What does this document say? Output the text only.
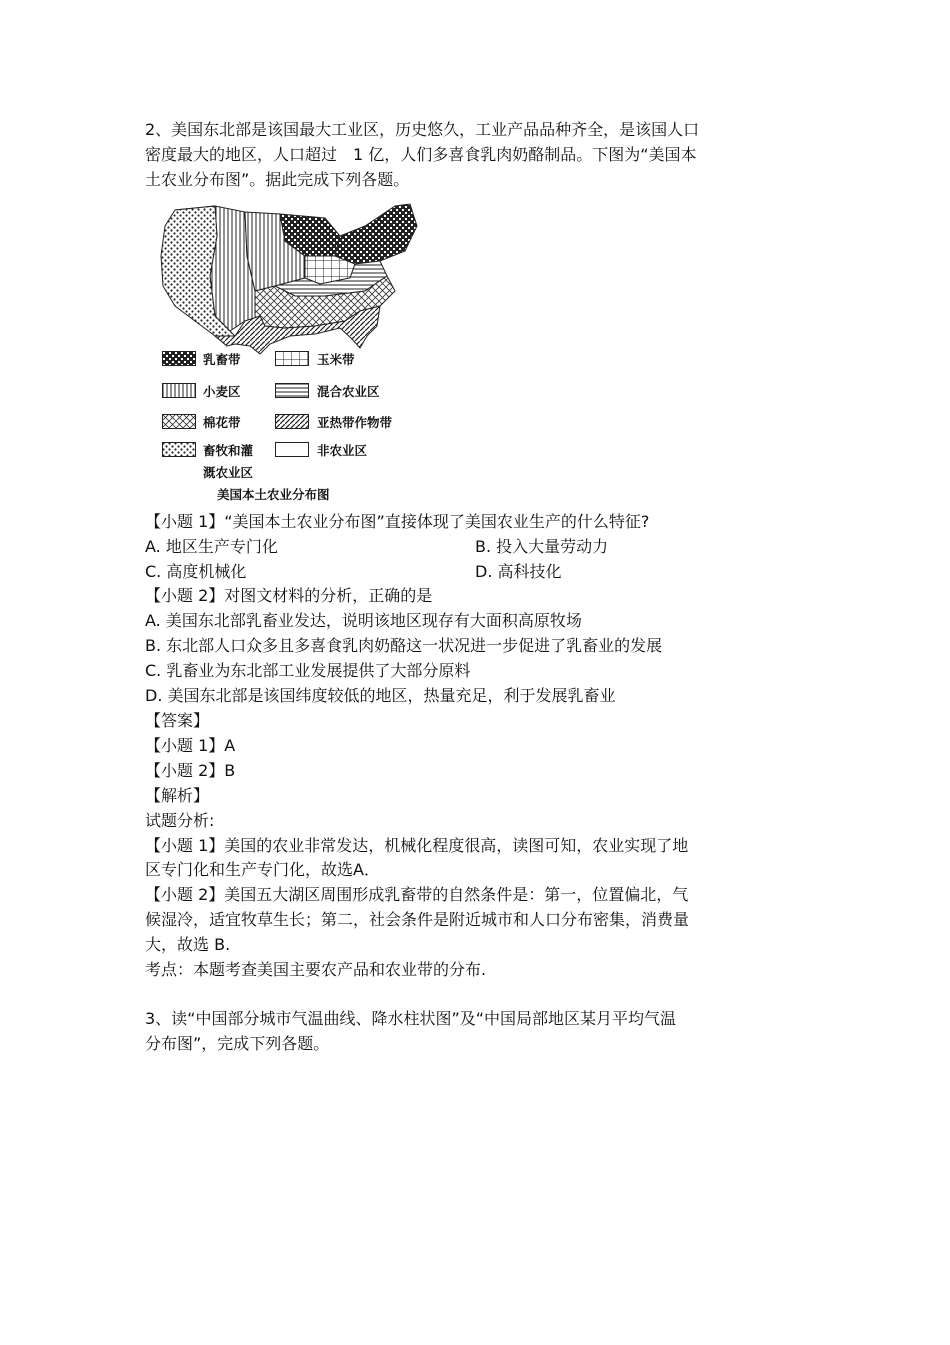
2、美国东北部是该国最大工业区，历史悠久，工业产品品种齐全，是该国人口
密度最大的地区，人口超过　1 亿，人们多喜食乳肉奶酪制品。下图为“美国本
土农业分布图”。据此完成下列各题。
乳畜带	玉米带
小麦区	混合农业区
棉花带	亚热带作物带
畜牧和灌
溉农业区
非农业区
美国本土农业分布图
【小题 1】“美国本土农业分布图”直接体现了美国农业生产的什么特征?
A. 地区生产专门化	B. 投入大量劳动力
C. 高度机械化	D. 高科技化
【小题 2】对图文材料的分析，正确的是
A. 美国东北部乳畜业发达，说明该地区现存有大面积高原牧场
B. 东北部人口众多且多喜食乳肉奶酪这一状况进一步促进了乳畜业的发展
C. 乳畜业为东北部工业发展提供了大部分原料
D. 美国东北部是该国纬度较低的地区，热量充足，利于发展乳畜业
【答案】
【小题 1】A
【小题 2】B
【解析】
试题分析:
【小题 1】美国的农业非常发达，机械化程度很高，读图可知，农业实现了地
区专门化和生产专门化，故选A．
【小题 2】美国五大湖区周围形成乳畜带的自然条件是：第一，位置偏北，气
候湿冷，适宜牧草生长；第二，社会条件是附近城市和人口分布密集，消费量
大，故选 B.
考点：本题考查美国主要农产品和农业带的分布.
3、读“中国部分城市气温曲线、降水柱状图”及“中国局部地区某月平均气温
分布图”，完成下列各题。
